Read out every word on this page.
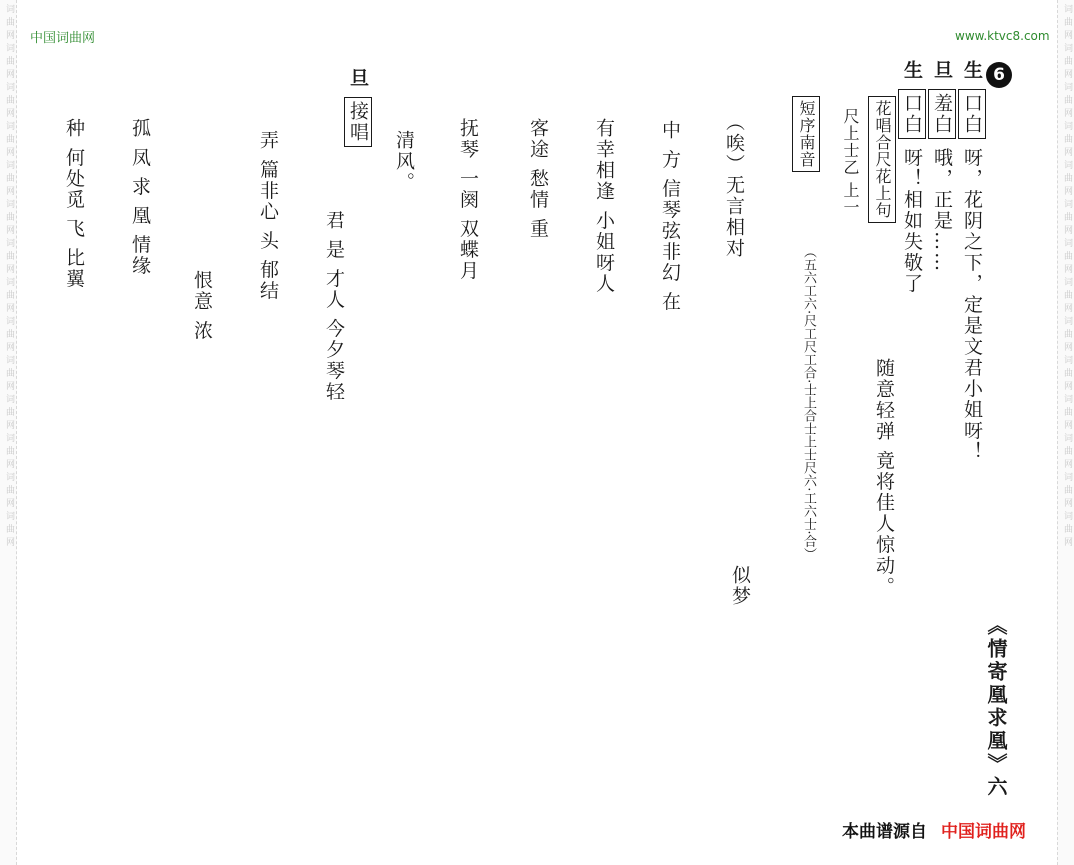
词曲网词曲网词曲网词曲网词曲网词曲网词曲网词曲网词曲网词曲网词曲网词曲网词曲网词曲网	词曲网词曲网词曲网词曲网词曲网词曲网词曲网词曲网词曲网词曲网词曲网词曲网词曲网词曲网
中国词曲网	www.ktvc8.com
6
《情寄凰求凰》六
生 口白 呀，花阴之下，定是文君小姐呀！
旦 羞白 哦，正是……
生 口白 呀！相如失敬了
随意轻弹 竟将佳人惊动。
花唱合尺花上句
尺上士乙 上一
短序南音
（五六工六·尺工尺工合·士上合士上士尺六·工六士·合）
似梦
（唉）无言相对
中 方 信琴弦非幻 在
有幸相逢 小姐呀人
客途 愁情 重
抚琴 一阕 双蝶月
清风。
旦 接唱
君 是 才人 今夕琴轻
弄 篇非心 头 郁结
恨意 浓
孤 凤 求 凰 情缘
种 何处觅 飞 比翼
本曲谱源自 中国词曲网
